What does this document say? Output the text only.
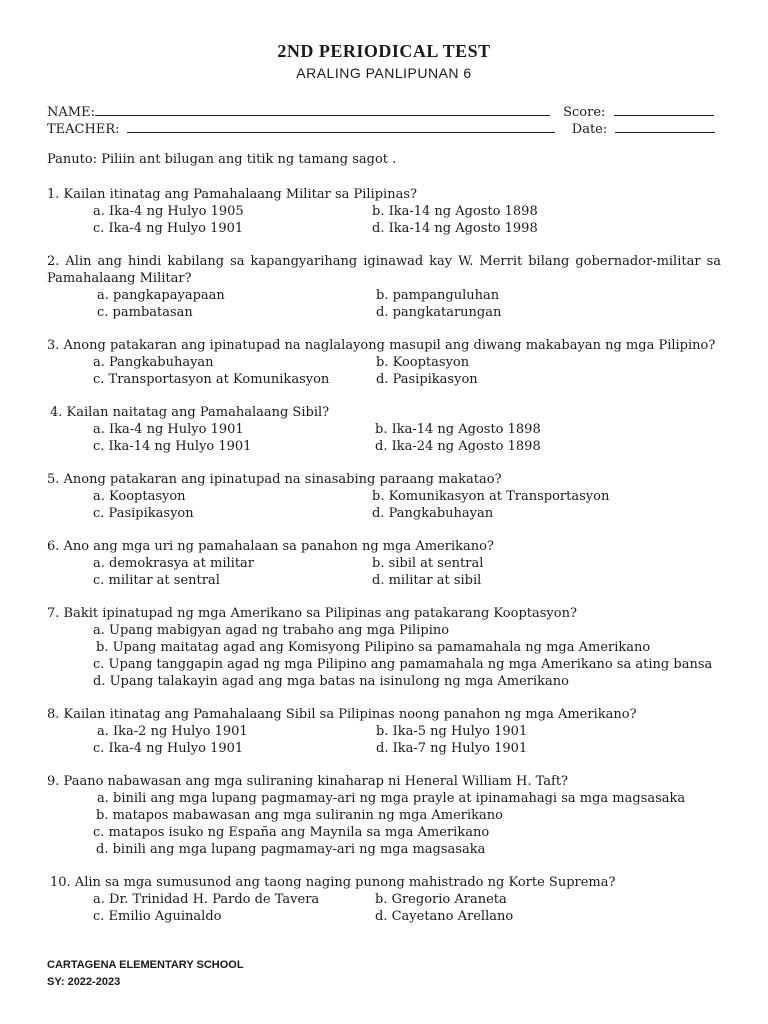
2ND PERIODICAL TEST
ARALING PANLIPUNAN 6
NAME:	Score:
TEACHER:	Date:
Panuto: Piliin ant bilugan ang titik ng tamang sagot .
1. Kailan itinatag ang Pamahalaang Militar sa Pilipinas?
a. Ika-4 ng Hulyo 1905	b. Ika-14 ng Agosto 1898
c. Ika-4 ng Hulyo 1901	d. Ika-14 ng Agosto 1998
2. Alin ang hindi kabilang sa kapangyarihang iginawad kay W. Merrit bilang gobernador-militar sa Pamahalaang Militar?
a. pangkapayapaan	b. pampanguluhan
c. pambatasan	d. pangkatarungan
3. Anong patakaran ang ipinatupad na naglalayong masupil ang diwang makabayan ng mga Pilipino?
a. Pangkabuhayan	b. Kooptasyon
c. Transportasyon at Komunikasyon	d. Pasipikasyon
4. Kailan naitatag ang Pamahalaang Sibil?
a. Ika-4 ng Hulyo 1901	b. Ika-14 ng Agosto 1898
c. Ika-14 ng Hulyo 1901	d. Ika-24 ng Agosto 1898
5. Anong patakaran ang ipinatupad na sinasabing paraang makatao?
a. Kooptasyon	b. Komunikasyon at Transportasyon
c. Pasipikasyon	d. Pangkabuhayan
6. Ano ang mga uri ng pamahalaan sa panahon ng mga Amerikano?
a. demokrasya at militar	b. sibil at sentral
c. militar at sentral	d. militar at sibil
7. Bakit ipinatupad ng mga Amerikano sa Pilipinas ang patakarang Kooptasyon?
a. Upang mabigyan agad ng trabaho ang mga Pilipino
b. Upang maitatag agad ang Komisyong Pilipino sa pamamahala ng mga Amerikano
c. Upang tanggapin agad ng mga Pilipino ang pamamahala ng mga Amerikano sa ating bansa
d. Upang talakayin agad ang mga batas na isinulong ng mga Amerikano
8. Kailan itinatag ang Pamahalaang Sibil sa Pilipinas noong panahon ng mga Amerikano?
a. Ika-2 ng Hulyo 1901	b. Ika-5 ng Hulyo 1901
c. Ika-4 ng Hulyo 1901	d. Ika-7 ng Hulyo 1901
9. Paano nabawasan ang mga suliraning kinaharap ni Heneral William H. Taft?
a. binili ang mga lupang pagmamay-ari ng mga prayle at ipinamahagi sa mga magsasaka
b. matapos mabawasan ang mga suliranin ng mga Amerikano
c. matapos isuko ng España ang Maynila sa mga Amerikano
d. binili ang mga lupang pagmamay-ari ng mga magsasaka
10. Alin sa mga sumusunod ang taong naging punong mahistrado ng Korte Suprema?
a. Dr. Trinidad H. Pardo de Tavera	b. Gregorio Araneta
c. Emilio Aguinaldo	d. Cayetano Arellano
CARTAGENA ELEMENTARY SCHOOL
SY: 2022-2023
